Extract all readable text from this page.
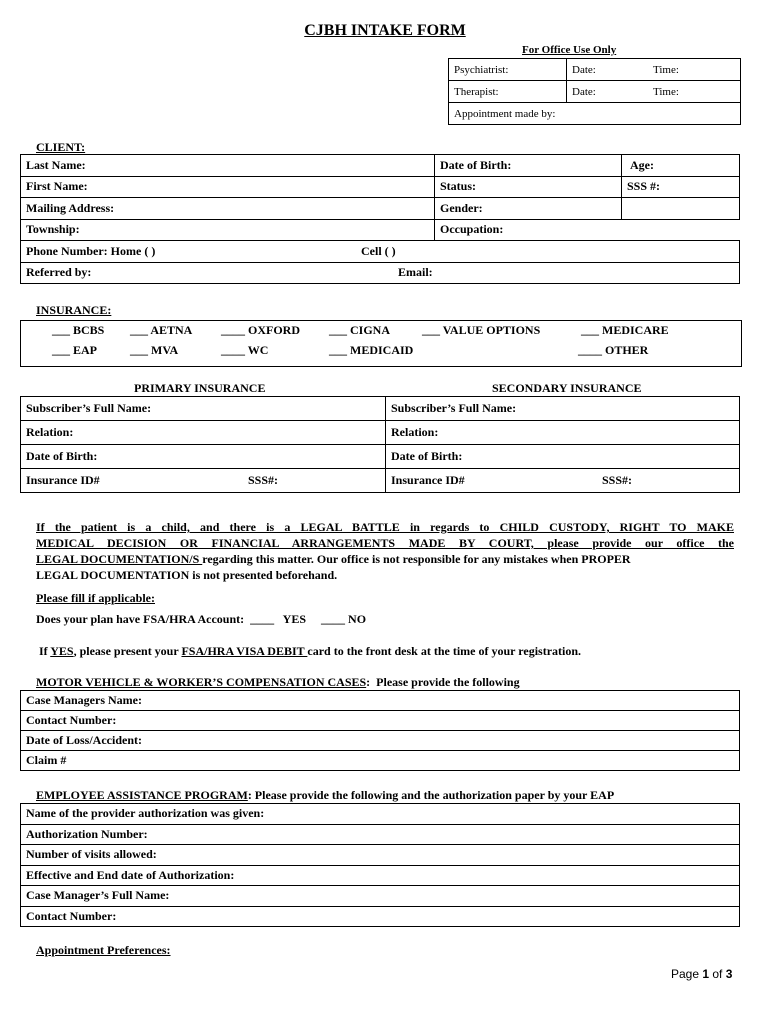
CJBH INTAKE FORM
For Office Use Only
Psychiatrist:	Date:	Time:
Therapist:	Date:	Time:
Appointment made by:		
CLIENT:
Last Name:	Date of Birth:	Age:
First Name:	Status:	SSS #:
Mailing Address:	Gender:	
Township:	Occupation:	
Phone Number: Home ( ) Cell ( )		

Referred by: Email:		
INSURANCE:
___ BCBS ___ AETNA ____ OXFORD ___ CIGNA	___ VALUE OPTIONS	___ MEDICARE
___ EAP	___ MVA	____ WC	___ MEDICAID	____ OTHER
PRIMARY INSURANCE	SECONDARY INSURANCE
Subscriber’s Full Name:	Subscriber’s Full Name:
Relation:	Relation:
Date of Birth:	Date of Birth:
Insurance ID# SSS#:	Insurance ID# SSS#:
If the patient is a child, and there is a LEGAL BATTLE in regards to CHILD CUSTODY, RIGHT TO MAKE
MEDICAL DECISION OR FINANCIAL ARRANGEMENTS MADE BY COURT, please provide our office the
LEGAL DOCUMENTATION/S regarding this matter. Our office is not responsible for any mistakes when PROPER
LEGAL DOCUMENTATION is not presented beforehand.
Please fill if applicable:
Does your plan have FSA/HRA Account:  ____   YES     ____ NO
If YES, please present your FSA/HRA VISA DEBIT card to the front desk at the time of your registration.
MOTOR VEHICLE & WORKER’S COMPENSATION CASES:  Please provide the following
Case Managers Name:
Contact Number:
Date of Loss/Accident:
Claim #
EMPLOYEE ASSISTANCE PROGRAM: Please provide the following and the authorization paper by your EAP
Name of the provider authorization was given:
Authorization Number:
Number of visits allowed:
Effective and End date of Authorization:
Case Manager’s Full Name:
Contact Number:
Appointment Preferences:
Page 1 of 3
